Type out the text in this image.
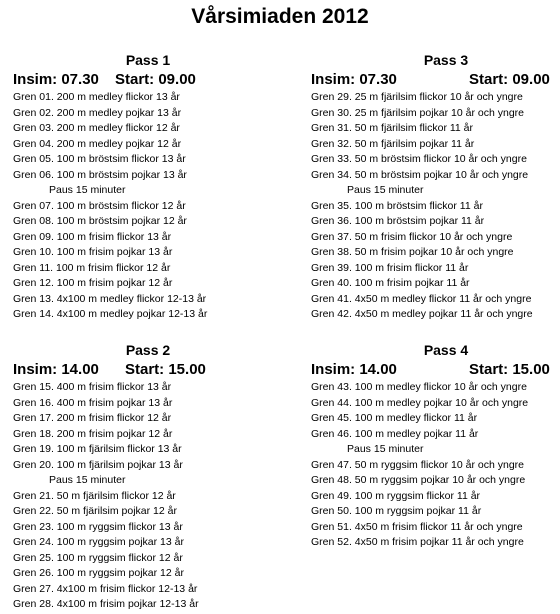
Vårsimiaden 2012
Pass 1
Insim: 07.30 Start: 09.00
Gren 01. 200 m medley flickor 13 år
Gren 02. 200 m medley pojkar 13 år
Gren 03. 200 m medley flickor 12 år
Gren 04. 200 m medley pojkar 12 år
Gren 05. 100 m bröstsim flickor 13 år
Gren 06. 100 m bröstsim pojkar 13 år
Paus 15 minuter
Gren 07. 100 m bröstsim flickor 12 år
Gren 08. 100 m bröstsim pojkar 12 år
Gren 09. 100 m frisim flickor 13 år
Gren 10. 100 m frisim pojkar 13 år
Gren 11. 100 m frisim flickor 12 år
Gren 12. 100 m frisim pojkar 12 år
Gren 13. 4x100 m medley flickor 12-13 år
Gren 14. 4x100 m medley pojkar 12-13 år
Pass 2
Insim: 14.00 Start: 15.00
Gren 15. 400 m frisim flickor 13 år
Gren 16. 400 m frisim pojkar 13 år
Gren 17. 200 m frisim flickor 12 år
Gren 18. 200 m frisim pojkar 12 år
Gren 19. 100 m fjärilsim flickor 13 år
Gren 20. 100 m fjärilsim pojkar 13 år
Paus 15 minuter
Gren 21. 50 m fjärilsim flickor 12 år
Gren 22. 50 m fjärilsim pojkar 12 år
Gren 23. 100 m ryggsim flickor 13 år
Gren 24. 100 m ryggsim pojkar 13 år
Gren 25. 100 m ryggsim flickor 12 år
Gren 26. 100 m ryggsim pojkar 12 år
Gren 27. 4x100 m frisim flickor 12-13 år
Gren 28. 4x100 m frisim pojkar 12-13 år
Pass 3
Insim: 07.30	Start: 09.00
Gren 29. 25 m fjärilsim flickor 10 år och yngre
Gren 30. 25 m fjärilsim pojkar 10 år och yngre
Gren 31. 50 m fjärilsim flickor 11 år
Gren 32. 50 m fjärilsim pojkar 11 år
Gren 33. 50 m bröstsim flickor 10 år och yngre
Gren 34. 50 m bröstsim pojkar 10 år och yngre
Paus 15 minuter
Gren 35. 100 m bröstsim flickor 11 år
Gren 36. 100 m bröstsim pojkar 11 år
Gren 37. 50 m frisim flickor 10 år och yngre
Gren 38. 50 m frisim pojkar 10 år och yngre
Gren 39. 100 m frisim flickor 11 år
Gren 40. 100 m frisim pojkar 11 år
Gren 41. 4x50 m medley flickor 11 år och yngre
Gren 42. 4x50 m medley pojkar 11 år och yngre
Pass 4
Insim: 14.00	Start: 15.00
Gren 43. 100 m medley flickor 10 år och yngre
Gren 44. 100 m medley pojkar 10 år och yngre
Gren 45. 100 m medley flickor 11 år
Gren 46. 100 m medley pojkar 11 år
Paus 15 minuter
Gren 47. 50 m ryggsim flickor 10 år och yngre
Gren 48. 50 m ryggsim pojkar 10 år och yngre
Gren 49. 100 m ryggsim flickor 11 år
Gren 50. 100 m ryggsim pojkar 11 år
Gren 51. 4x50 m frisim flickor 11 år och yngre
Gren 52. 4x50 m frisim pojkar 11 år och yngre
